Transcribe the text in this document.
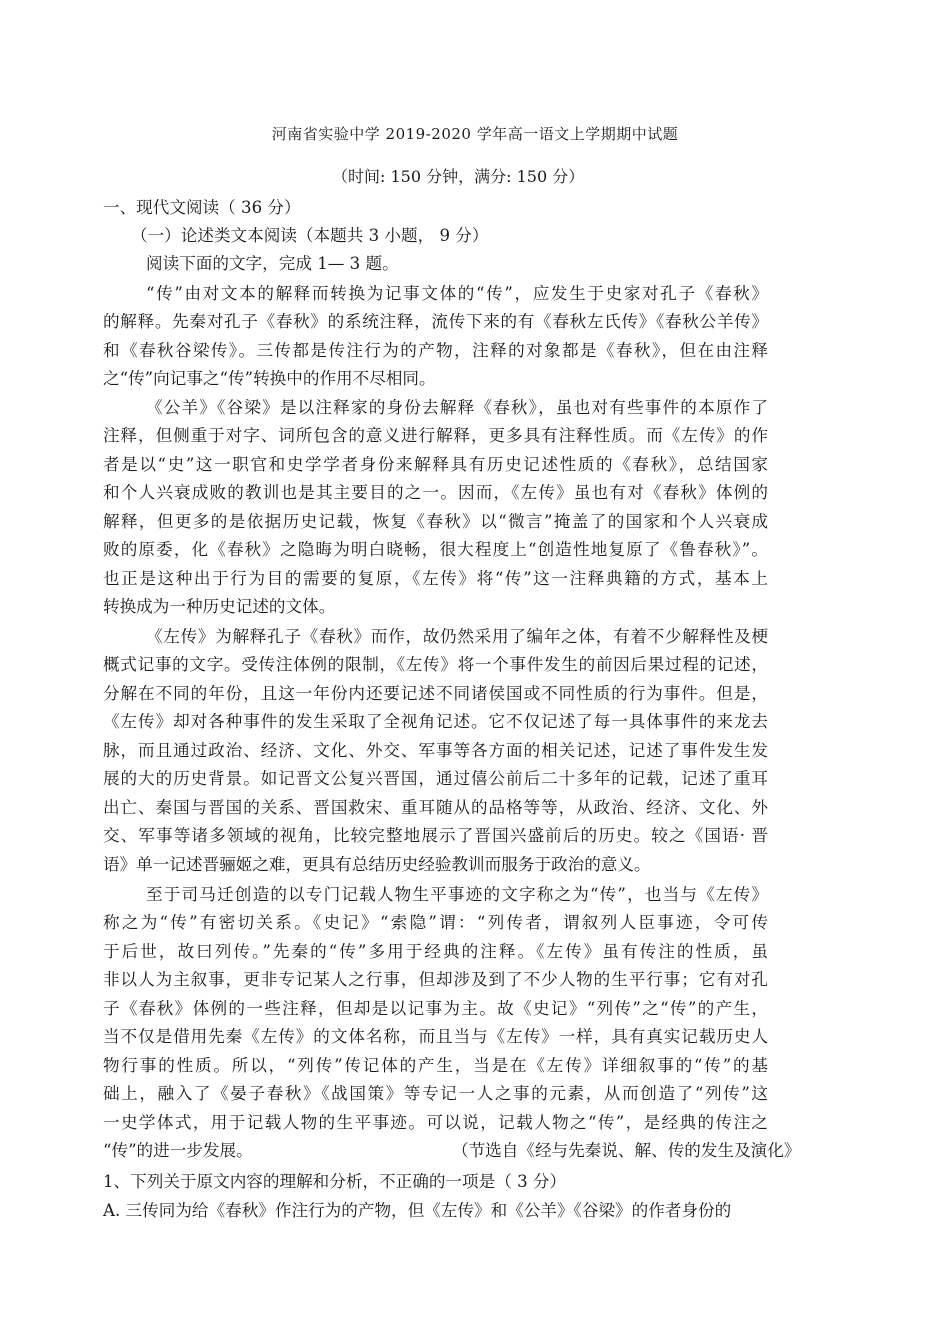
河南省实验中学 2019-2020 学年高一语文上学期期中试题
（时间: 150 分钟，满分: 150 分）
一、现代文阅读（ 36 分）
（一）论述类文本阅读（本题共 3 小题， 9 分）
阅读下面的文字，完成 1— 3 题。
“传”由对文本的解释而转换为记事文体的“传”，应发生于史家对孔子《春秋》
的解释。先秦对孔子《春秋》的系统注释，流传下来的有《春秋左氏传》《春秋公羊传》
和《春秋谷梁传》。三传都是传注行为的产物，注释的对象都是《春秋》，但在由注释
之“传”向记事之“传”转换中的作用不尽相同。
《公羊》《谷梁》是以注释家的身份去解释《春秋》，虽也对有些事件的本原作了
注释，但侧重于对字、词所包含的意义进行解释，更多具有注释性质。而《左传》的作
者是以“史”这一职官和史学学者身份来解释具有历史记述性质的《春秋》，总结国家
和个人兴衰成败的教训也是其主要目的之一。因而，《左传》虽也有对《春秋》体例的
解释，但更多的是依据历史记载，恢复《春秋》以“微言”掩盖了的国家和个人兴衰成
败的原委，化《春秋》之隐晦为明白晓畅，很大程度上“创造性地复原了《鲁春秋》”。
也正是这种出于行为目的需要的复原，《左传》将“传”这一注释典籍的方式，基本上
转换成为一种历史记述的文体。
《左传》为解释孔子《春秋》而作，故仍然采用了编年之体，有着不少解释性及梗
概式记事的文字。受传注体例的限制，《左传》将一个事件发生的前因后果过程的记述，
分解在不同的年份，且这一年份内还要记述不同诸侯国或不同性质的行为事件。但是，
《左传》却对各种事件的发生采取了全视角记述。它不仅记述了每一具体事件的来龙去
脉，而且通过政治、经济、文化、外交、军事等各方面的相关记述，记述了事件发生发
展的大的历史背景。如记晋文公复兴晋国，通过僖公前后二十多年的记载，记述了重耳
出亡、秦国与晋国的关系、晋国救宋、重耳随从的品格等等，从政治、经济、文化、外
交、军事等诸多领域的视角，比较完整地展示了晋国兴盛前后的历史。较之《国语· 晋
语》单一记述晋骊姬之难，更具有总结历史经验教训而服务于政治的意义。
至于司马迁创造的以专门记载人物生平事迹的文字称之为“传”，也当与《左传》
称之为“传”有密切关系。《史记》“索隐”谓：“列传者，谓叙列人臣事迹，令可传
于后世，故曰列传。”先秦的“传”多用于经典的注释。《左传》虽有传注的性质，虽
非以人为主叙事，更非专记某人之行事，但却涉及到了不少人物的生平行事；它有对孔
子《春秋》体例的一些注释，但却是以记事为主。故《史记》“列传”之“传”的产生，
当不仅是借用先秦《左传》的文体名称，而且当与《左传》一样，具有真实记载历史人
物行事的性质。所以，“列传”传记体的产生，当是在《左传》详细叙事的“传”的基
础上，融入了《晏子春秋》《战国策》等专记一人之事的元素，从而创造了“列传”这
一史学体式，用于记载人物的生平事迹。可以说，记载人物之“传”，是经典的传注之
“传”的进一步发展。	（节选自《经与先秦说、解、传的发生及演化》
1、下列关于原文内容的理解和分析，不正确的一项是（ 3 分）
A. 三传同为给《春秋》作注行为的产物，但《左传》和《公羊》《谷梁》的作者身份的
